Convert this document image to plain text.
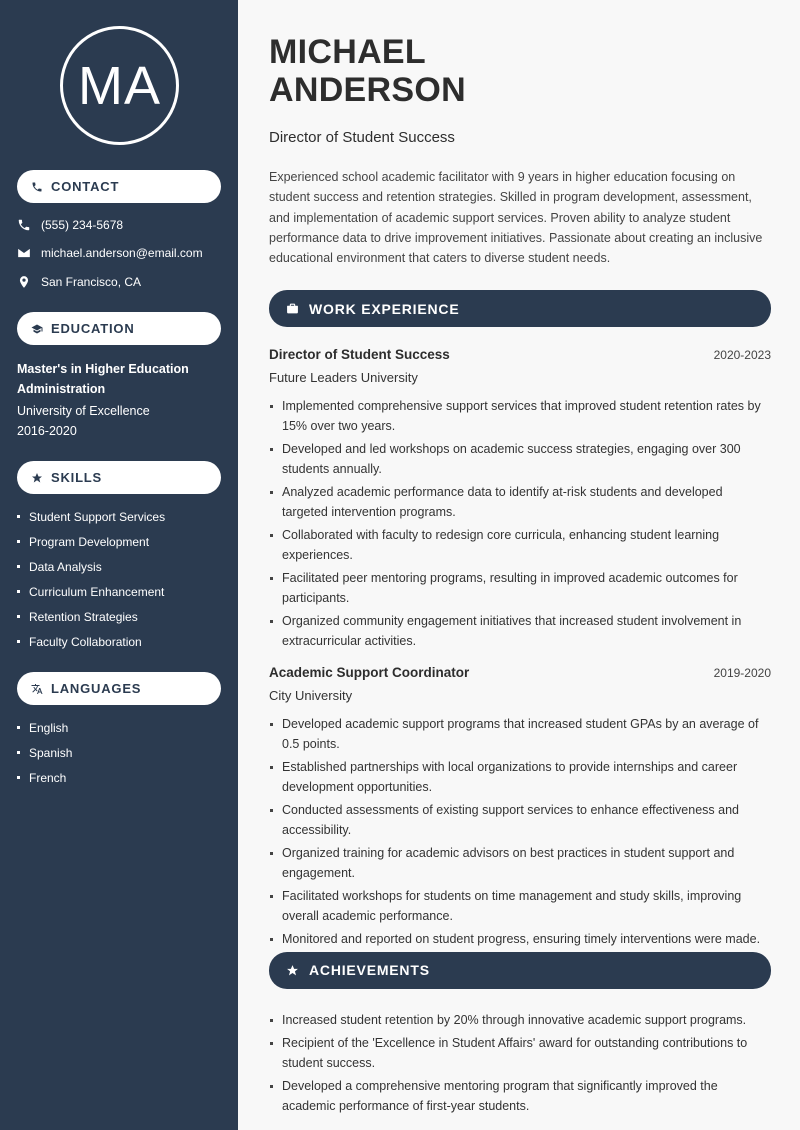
MA
CONTACT
(555) 234-5678
michael.anderson@email.com
San Francisco, CA
EDUCATION
Master's in Higher Education Administration
University of Excellence
2016-2020
SKILLS
Student Support Services
Program Development
Data Analysis
Curriculum Enhancement
Retention Strategies
Faculty Collaboration
LANGUAGES
English
Spanish
French
MICHAEL
ANDERSON
Director of Student Success

Experienced school academic facilitator with 9 years in higher education focusing on student success and retention strategies. Skilled in program development, assessment, and implementation of academic support services. Proven ability to analyze student performance data to drive improvement initiatives. Passionate about creating an inclusive educational environment that caters to diverse student needs.

WORK EXPERIENCE
Director of Student Success	2020-2023
Future Leaders University
Implemented comprehensive support services that improved student retention rates by 15% over two years.
Developed and led workshops on academic success strategies, engaging over 300 students annually.
Analyzed academic performance data to identify at-risk students and developed targeted intervention programs.
Collaborated with faculty to redesign core curricula, enhancing student learning experiences.
Facilitated peer mentoring programs, resulting in improved academic outcomes for participants.
Organized community engagement initiatives that increased student involvement in extracurricular activities.
Academic Support Coordinator	2019-2020
City University
Developed academic support programs that increased student GPAs by an average of 0.5 points.
Established partnerships with local organizations to provide internships and career development opportunities.
Conducted assessments of existing support services to enhance effectiveness and accessibility.
Organized training for academic advisors on best practices in student support and engagement.
Facilitated workshops for students on time management and study skills, improving overall academic performance.
Monitored and reported on student progress, ensuring timely interventions were made.
ACHIEVEMENTS
Increased student retention by 20% through innovative academic support programs.
Recipient of the 'Excellence in Student Affairs' award for outstanding contributions to student success.
Developed a comprehensive mentoring program that significantly improved the academic performance of first-year students.
